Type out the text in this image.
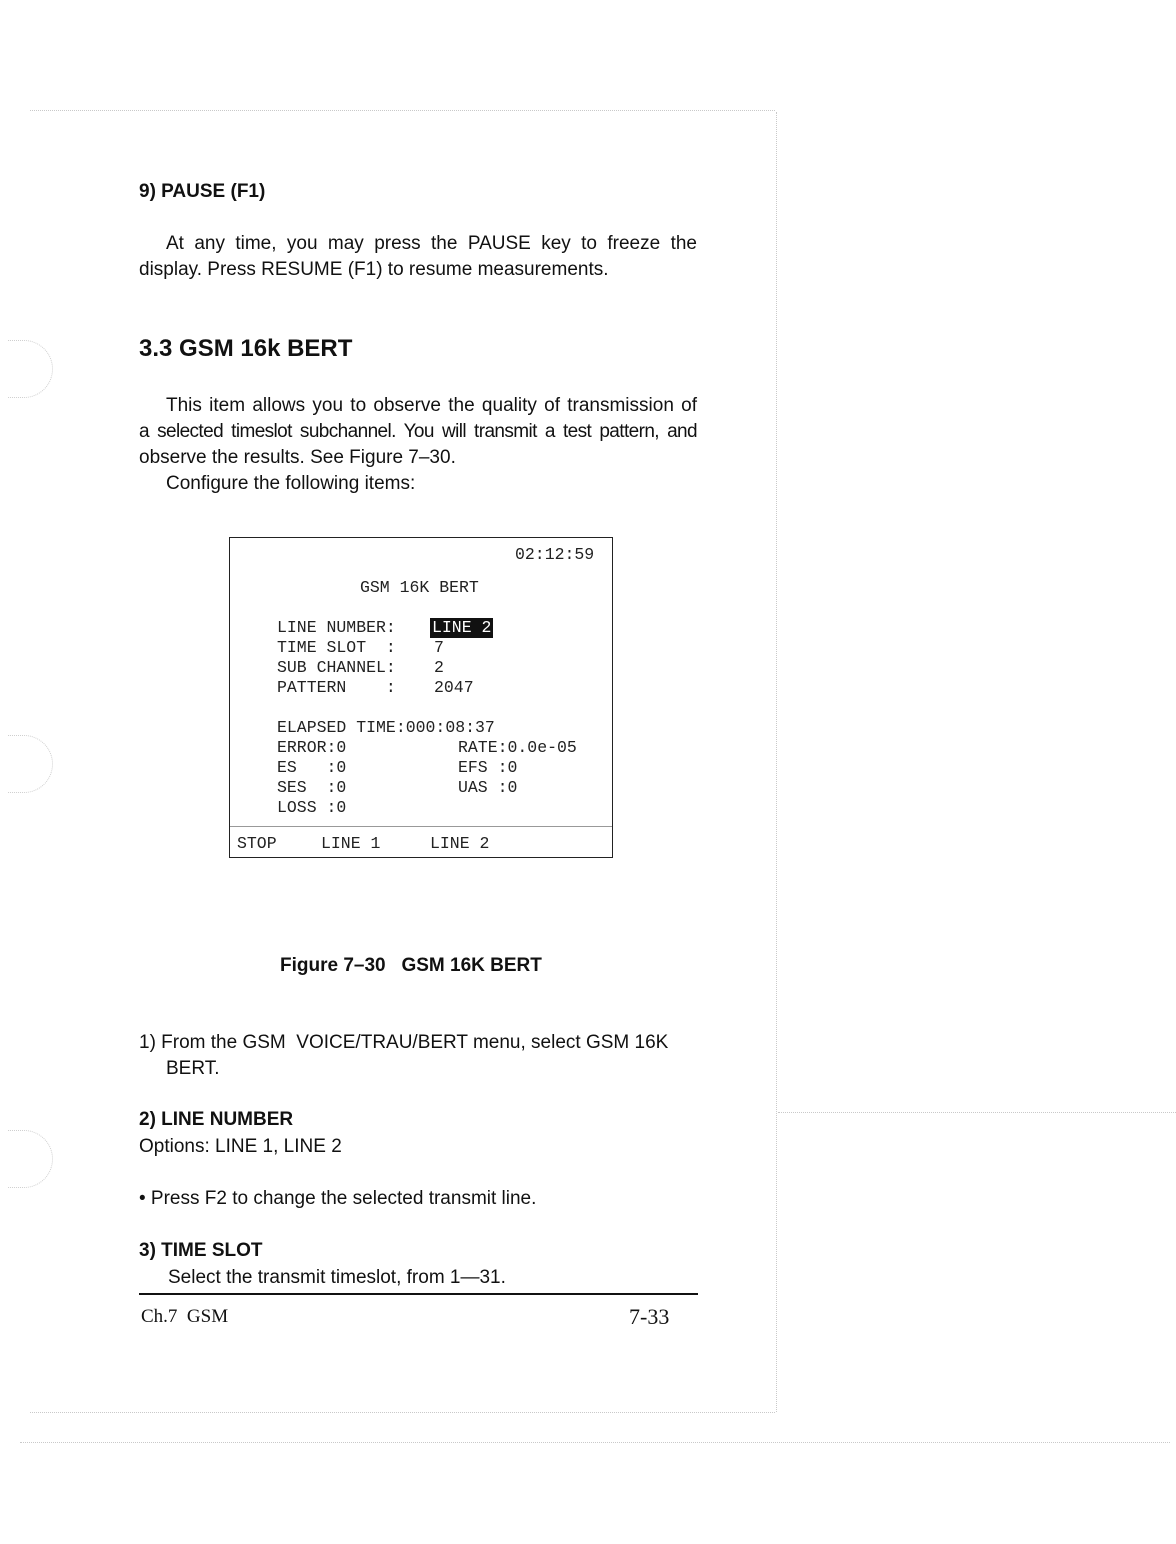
9) PAUSE (F1)
At any time, you may press the PAUSE key to freeze the
display. Press RESUME (F1) to resume measurements.
3.3 GSM 16k BERT
This item allows you to observe the quality of transmission of
a selected timeslot subchannel. You will transmit a test pattern, and
observe the results. See Figure 7–30.
Configure the following items:
02:12:59
GSM 16K BERT
LINE NUMBER: LINE 2
TIME SLOT  : 7
SUB CHANNEL: 2
PATTERN    : 2047
ELAPSED TIME:000:08:37
ERROR:0	RATE:0.0e-05
ES   :0	EFS :0
SES  :0	UAS :0
LOSS :0
STOP	LINE 1	LINE 2
Figure 7–30   GSM 16K BERT
1) From the GSM  VOICE/TRAU/BERT menu, select GSM 16K
BERT.
2) LINE NUMBER
Options: LINE 1, LINE 2
• Press F2 to change the selected transmit line.
3) TIME SLOT
Select the transmit timeslot, from 1—31.
Ch.7  GSM	7-33
